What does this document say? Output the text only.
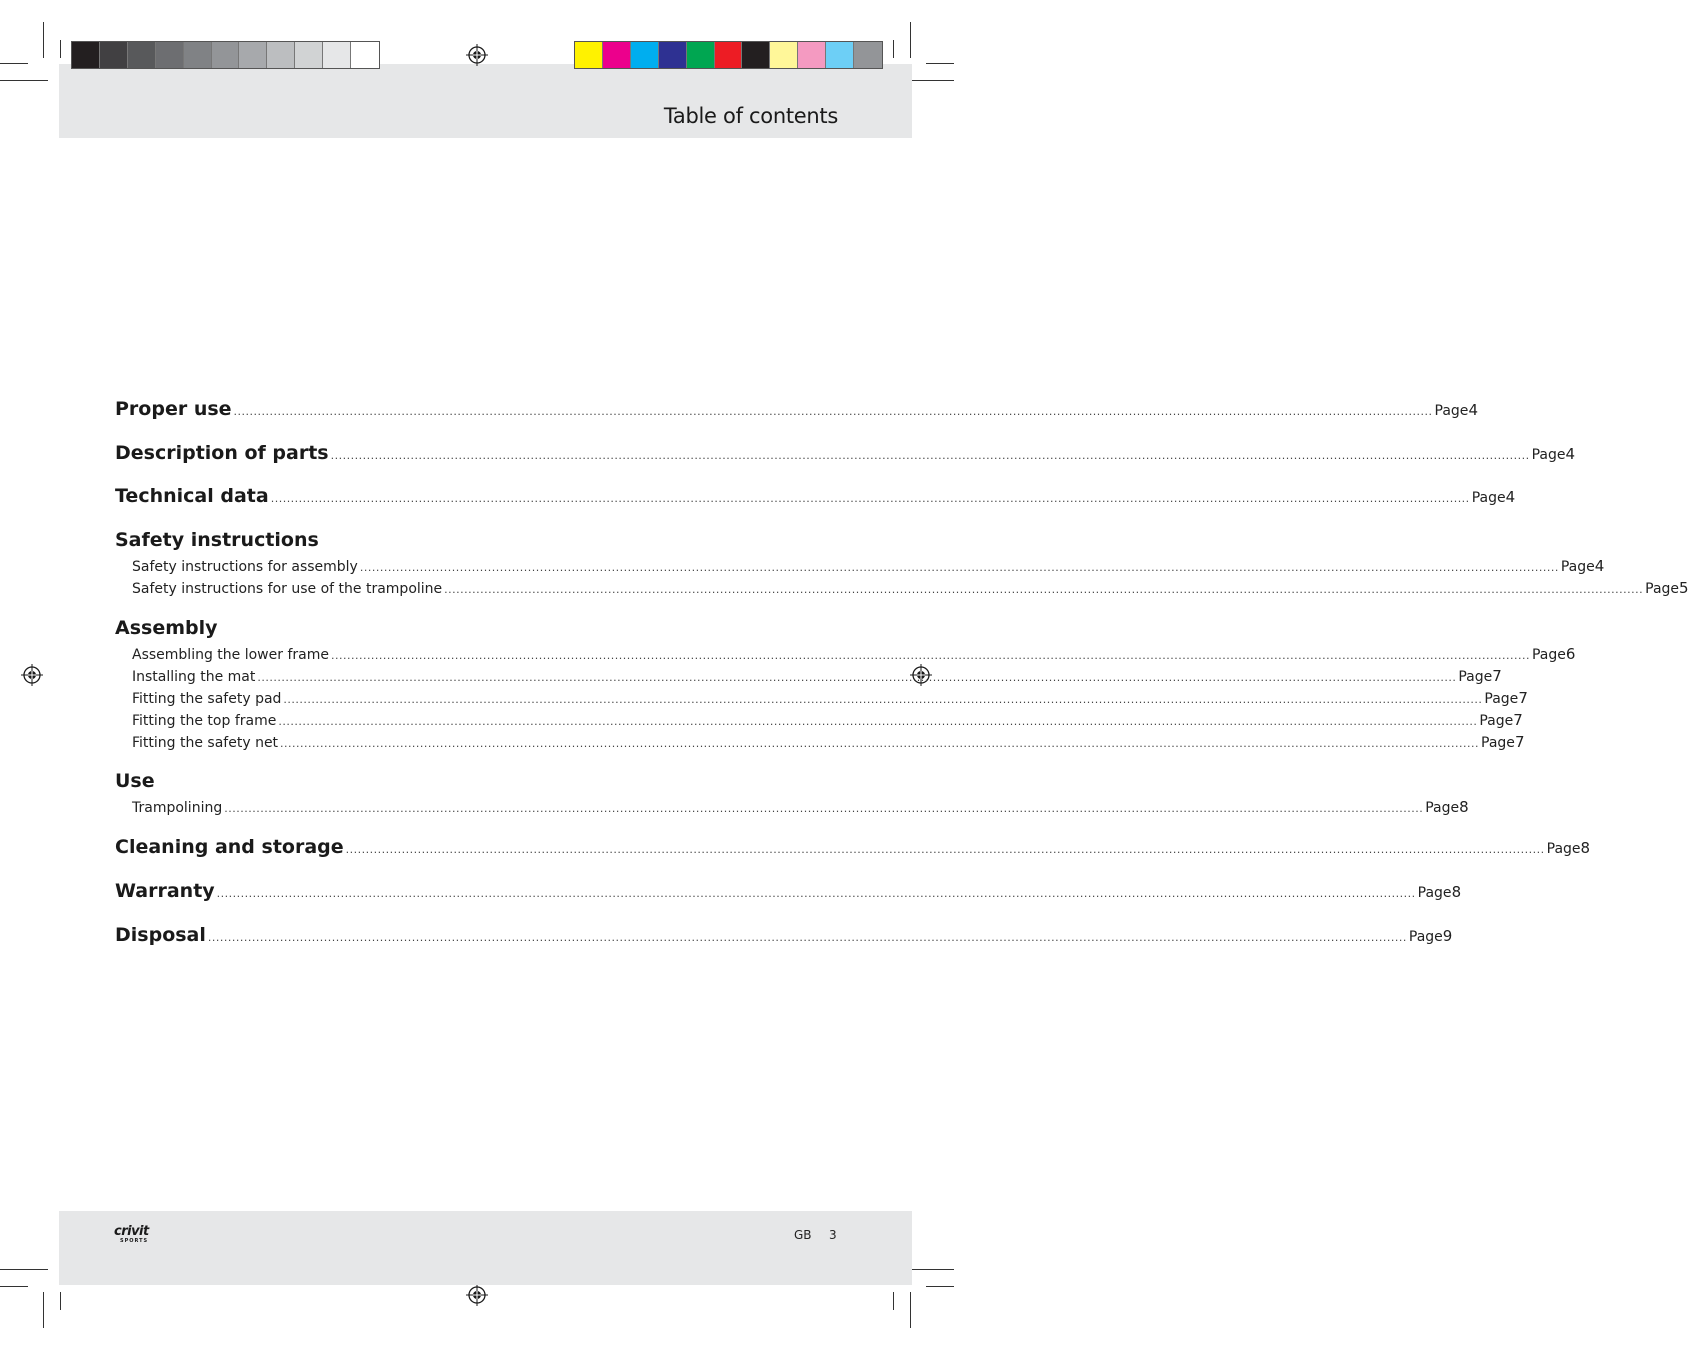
Table of contents
Proper use ............................................................................................................................................................................................................................................................................................................ Page 4
Description of parts ............................................................................................................................................................................................................................................................................................................ Page 4
Technical data ............................................................................................................................................................................................................................................................................................................ Page 4
Safety instructions
Safety instructions for assembly ............................................................................................................................................................................................................................................................................................................ Page 4
Safety instructions for use of the trampoline ............................................................................................................................................................................................................................................................................................................ Page 5
Assembly
Assembling the lower frame ............................................................................................................................................................................................................................................................................................................ Page 6
Installing the mat ............................................................................................................................................................................................................................................................................................................ Page 7
Fitting the safety pad ............................................................................................................................................................................................................................................................................................................ Page 7
Fitting the top frame ............................................................................................................................................................................................................................................................................................................ Page 7
Fitting the safety net ............................................................................................................................................................................................................................................................................................................ Page 7
Use
Trampolining ............................................................................................................................................................................................................................................................................................................ Page 8
Cleaning and storage ............................................................................................................................................................................................................................................................................................................ Page 8
Warranty ............................................................................................................................................................................................................................................................................................................ Page 8
Disposal ............................................................................................................................................................................................................................................................................................................ Page 9
crivit
SPORTS	GB 3
